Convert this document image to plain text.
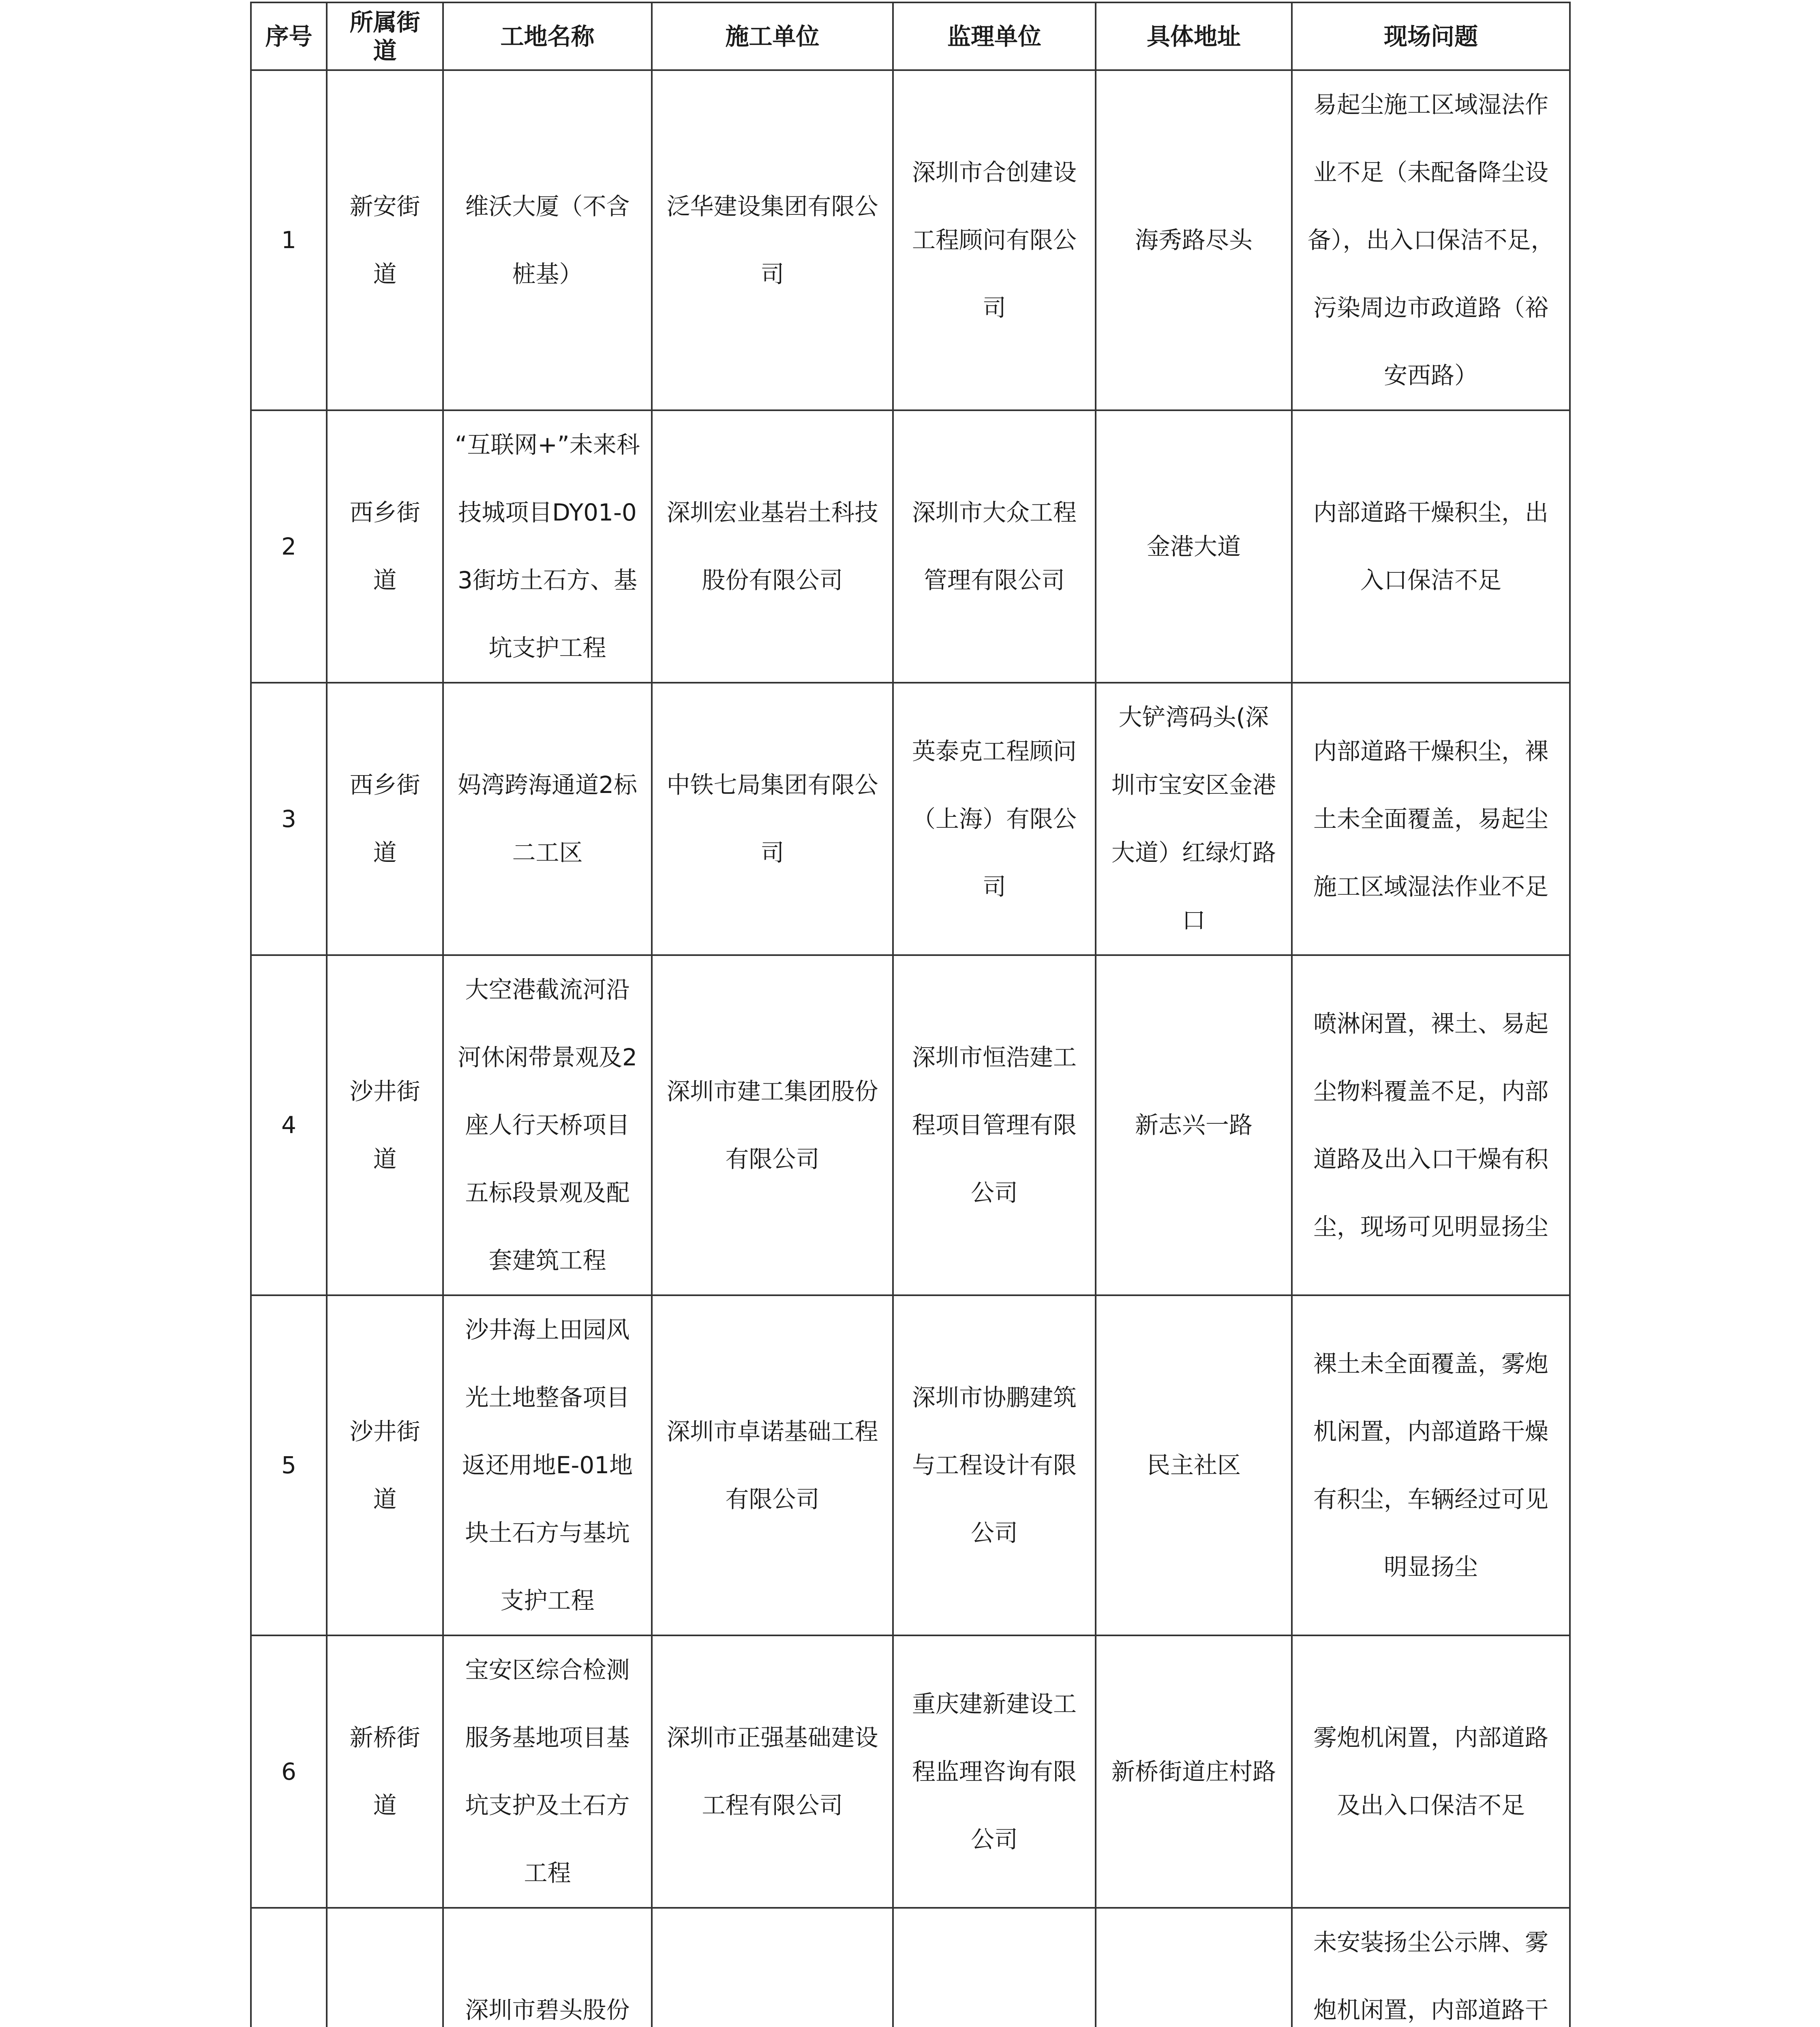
序号	所属街道	工地名称	施工单位	监理单位	具体地址	现场问题
1	新安街道	维沃大厦（不含桩基）	泛华建设集团有限公司	深圳市合创建设工程顾问有限公司	海秀路尽头	易起尘施工区域湿法作业不足（未配备降尘设备），出入口保洁不足，污染周边市政道路（裕安西路）
2	西乡街道	“互联网+”未来科技城项目DY01-03街坊土石方、基坑支护工程	深圳宏业基岩土科技股份有限公司	深圳市大众工程管理有限公司	金港大道	内部道路干燥积尘，出入口保洁不足
3	西乡街道	妈湾跨海通道2标二工区	中铁七局集团有限公司	英泰克工程顾问（上海）有限公司	大铲湾码头(深圳市宝安区金港大道）红绿灯路口	内部道路干燥积尘，裸土未全面覆盖，易起尘施工区域湿法作业不足
4	沙井街道	大空港截流河沿河休闲带景观及2座人行天桥项目五标段景观及配套建筑工程	深圳市建工集团股份有限公司	深圳市恒浩建工程项目管理有限公司	新志兴一路	喷淋闲置，裸土、易起尘物料覆盖不足，内部道路及出入口干燥有积尘，现场可见明显扬尘
5	沙井街道	沙井海上田园风光土地整备项目返还用地E-01地块土石方与基坑支护工程	深圳市卓诺基础工程有限公司	深圳市协鹏建筑与工程设计有限公司	民主社区	裸土未全面覆盖，雾炮机闲置，内部道路干燥有积尘，车辆经过可见明显扬尘
6	新桥街道	宝安区综合检测服务基地项目基坑支护及土石方工程	深圳市正强基础建设工程有限公司	重庆建新建设工程监理咨询有限公司	新桥街道庄村路	雾炮机闲置，内部道路及出入口保洁不足
		深圳市碧头股份				未安装扬尘公示牌、雾炮机闲置，内部道路干
